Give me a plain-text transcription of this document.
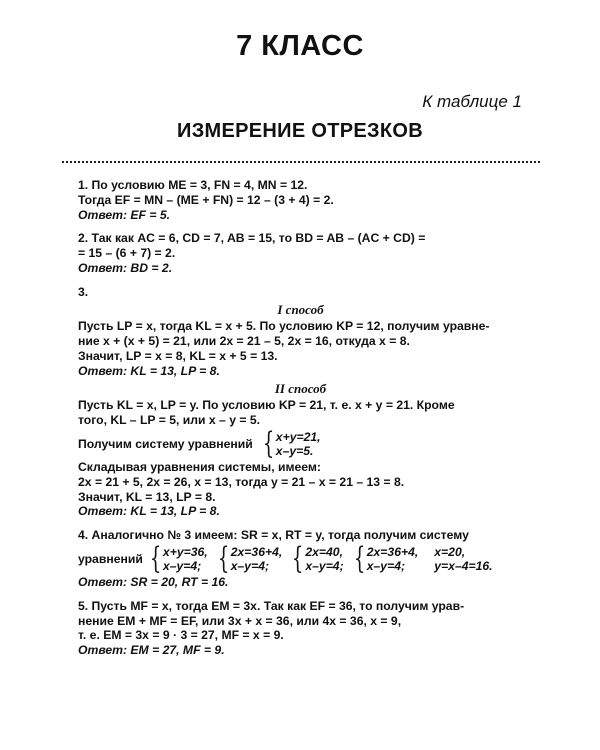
7 КЛАСС
К таблице 1
ИЗМЕРЕНИЕ ОТРЕЗКОВ
1. По условию ME = 3, FN = 4, MN = 12.
Тогда EF = MN – (ME + FN) = 12 – (3 + 4) = 2.
Ответ: EF = 5.
2. Так как AC = 6, CD = 7, AB = 15, то BD = AB – (AC + CD) =
= 15 – (6 + 7) = 2.
Ответ: BD = 2.
3.
I способ
Пусть LP = x, тогда KL = x + 5. По условию KP = 12, получим уравне-
ние x + (x + 5) = 21, или 2x = 21 – 5, 2x = 16, откуда x = 8.
Значит, LP = x = 8, KL = x + 5 = 13.
Ответ: KL = 13, LP = 8.
II способ
Пусть KL = x, LP = y. По условию KP = 21, т. е. x + y = 21. Кроме
того, KL – LP = 5, или x – y = 5.
Получим систему уравнений { x+y=21,
x–y=5.
Складывая уравнения системы, имеем:
2x = 21 + 5, 2x = 26, x = 13, тогда y = 21 – x = 21 – 13 = 8.
Значит, KL = 13, LP = 8.
Ответ: KL = 13, LP = 8.
4. Аналогично № 3 имеем: SR = x, RT = y, тогда получим систему
уравнений { x+y=36,
x–y=4; { 2x=36+4,
x–y=4; { 2x=40,
x–y=4; { 2x=36+4,
x–y=4;
x=20,
y=x–4=16.
Ответ: SR = 20, RT = 16.
5. Пусть MF = x, тогда EM = 3x. Так как EF = 36, то получим урав-
нение EM + MF = EF, или 3x + x = 36, или 4x = 36, x = 9,
т. е. EM = 3x = 9 · 3 = 27, MF = x = 9.
Ответ: EM = 27, MF = 9.
